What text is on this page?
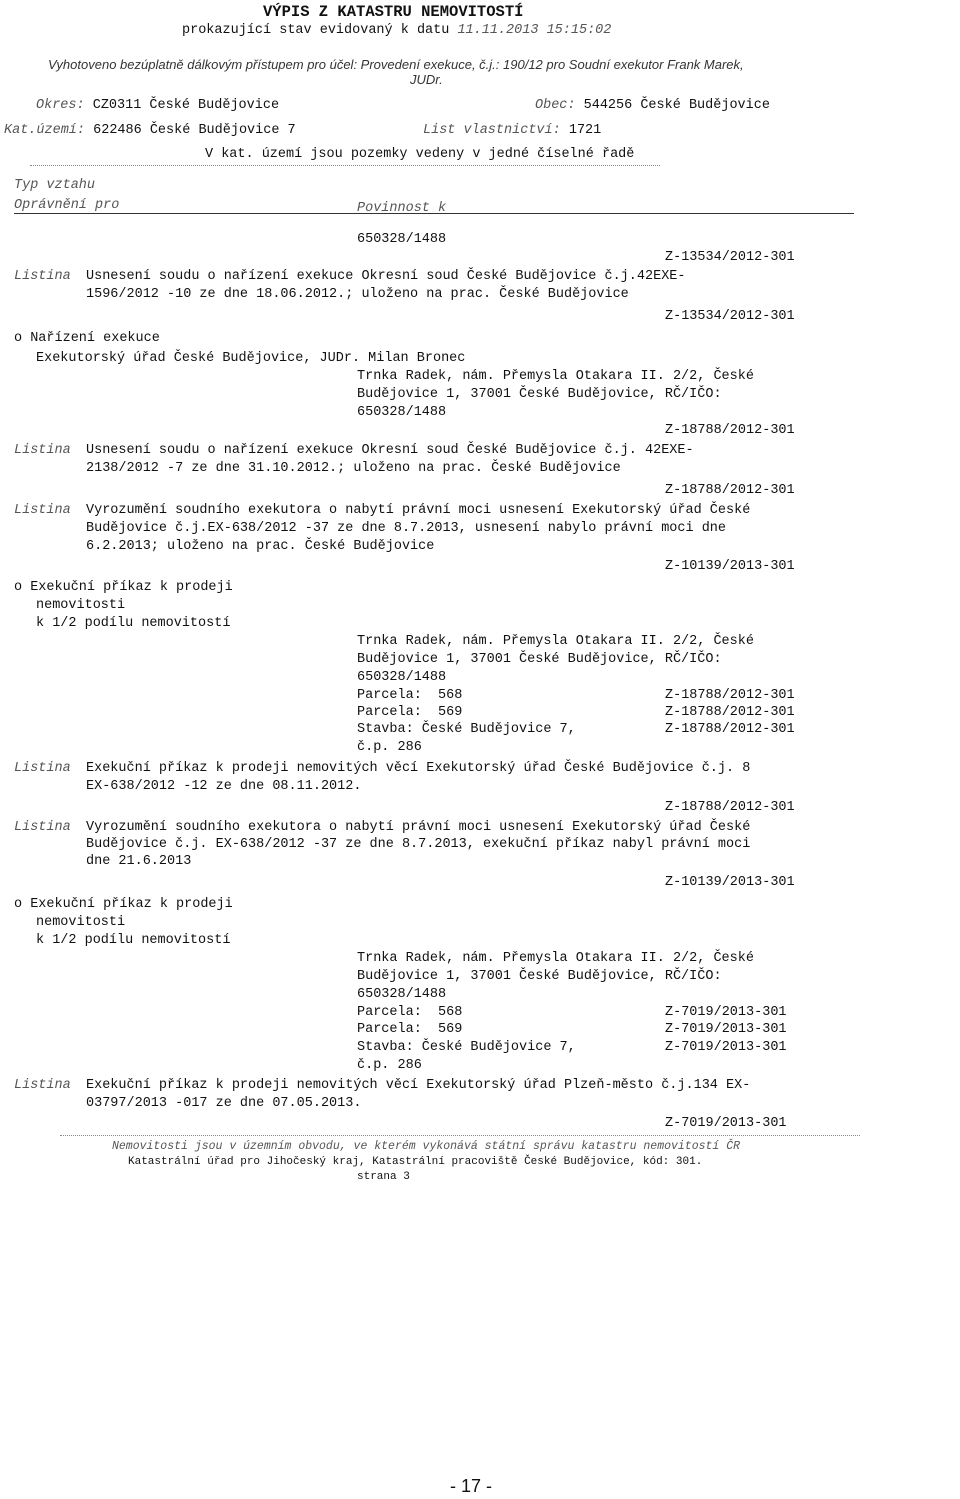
VÝPIS Z KATASTRU NEMOVITOSTÍ
prokazující stav evidovaný k datu 11.11.2013 15:15:02
Vyhotoveno bezúplatně dálkovým přístupem pro účel: Provedení exekuce, č.j.: 190/12 pro Soudní exekutor Frank Marek,
JUDr.
Okres: CZ0311 České Budějovice	Obec: 544256 České Budějovice
Kat.území: 622486 České Budějovice 7	List vlastnictví: 1721
V kat. území jsou pozemky vedeny v jedné číselné řadě
Typ vztahu
Oprávnění pro	Povinnost k
650328/1488
Z-13534/2012-301
Listina Usnesení soudu o nařízení exekuce Okresní soud České Budějovice č.j.42EXE-
1596/2012 -10 ze dne 18.06.2012.; uloženo na prac. České Budějovice
Z-13534/2012-301
o Nařízení exekuce
Exekutorský úřad České Budějovice, JUDr. Milan Bronec
Trnka Radek, nám. Přemysla Otakara II. 2/2, České
Budějovice 1, 37001 České Budějovice, RČ/IČO:
650328/1488
Z-18788/2012-301
Listina Usnesení soudu o nařízení exekuce Okresní soud České Budějovice č.j. 42EXE-
2138/2012 -7 ze dne 31.10.2012.; uloženo na prac. České Budějovice
Z-18788/2012-301
Listina Vyrozumění soudního exekutora o nabytí právní moci usnesení Exekutorský úřad České
Budějovice č.j.EX-638/2012 -37 ze dne 8.7.2013, usnesení nabylo právní moci dne
6.2.2013; uloženo na prac. České Budějovice
Z-10139/2013-301
o Exekuční příkaz k prodeji
nemovitosti
k 1/2 podílu nemovitostí
Trnka Radek, nám. Přemysla Otakara II. 2/2, České
Budějovice 1, 37001 České Budějovice, RČ/IČO:
650328/1488
Parcela:  568	Z-18788/2012-301
Parcela:  569	Z-18788/2012-301
Stavba: České Budějovice 7,	Z-18788/2012-301
č.p. 286
Listina Exekuční příkaz k prodeji nemovitých věcí Exekutorský úřad České Budějovice č.j. 8
EX-638/2012 -12 ze dne 08.11.2012.
Z-18788/2012-301
Listina Vyrozumění soudního exekutora o nabytí právní moci usnesení Exekutorský úřad České
Budějovice č.j. EX-638/2012 -37 ze dne 8.7.2013, exekuční příkaz nabyl právní moci
dne 21.6.2013
Z-10139/2013-301
o Exekuční příkaz k prodeji
nemovitosti
k 1/2 podílu nemovitostí
Trnka Radek, nám. Přemysla Otakara II. 2/2, České
Budějovice 1, 37001 České Budějovice, RČ/IČO:
650328/1488
Parcela:  568	Z-7019/2013-301
Parcela:  569	Z-7019/2013-301
Stavba: České Budějovice 7,	Z-7019/2013-301
č.p. 286
Listina Exekuční příkaz k prodeji nemovitých věcí Exekutorský úřad Plzeň-město č.j.134 EX-
03797/2013 -017 ze dne 07.05.2013.
Z-7019/2013-301
Nemovitosti jsou v územním obvodu, ve kterém vykonává státní správu katastru nemovitostí ČR
Katastrální úřad pro Jihočeský kraj, Katastrální pracoviště České Budějovice, kód: 301.
strana 3
- 17 -
